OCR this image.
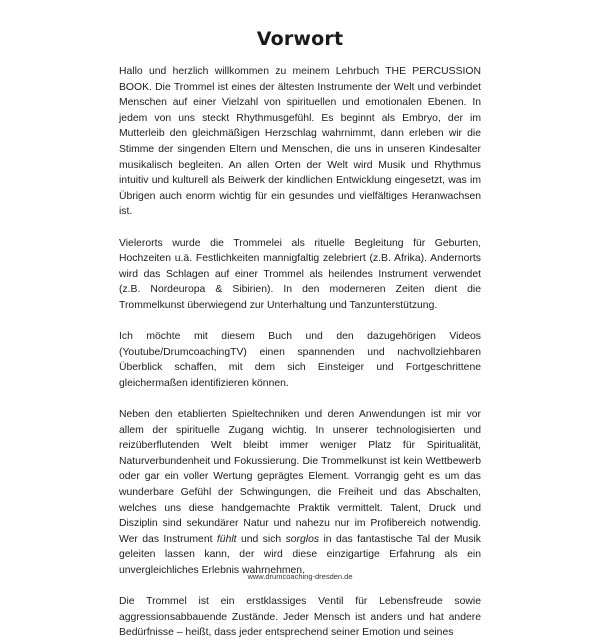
Vorwort

Hallo und herzlich willkommen zu meinem Lehrbuch THE PERCUSSION BOOK. Die Trommel ist eines der ältesten Instrumente der Welt und verbindet Menschen auf einer Vielzahl von spirituellen und emotionalen Ebenen. In jedem von uns steckt Rhythmusgefühl. Es beginnt als Embryo, der im Mutterleib den gleichmäßigen Herzschlag wahrnimmt, dann erleben wir die Stimme der singenden Eltern und Menschen, die uns in unseren Kindesalter musikalisch begleiten. An allen Orten der Welt wird Musik und Rhythmus intuitiv und kulturell als Beiwerk der kindlichen Entwicklung eingesetzt, was im Übrigen auch enorm wichtig für ein gesundes und vielfältiges Heranwachsen ist.

Vielerorts wurde die Trommelei als rituelle Begleitung für Geburten, Hochzeiten u.ä. Festlichkeiten mannigfaltig zelebriert (z.B. Afrika). Andernorts wird das Schlagen auf einer Trommel als heilendes Instrument verwendet (z.B. Nordeuropa & Sibirien). In den moderneren Zeiten dient die Trommelkunst überwiegend zur Unterhaltung und Tanzunterstützung.

Ich möchte mit diesem Buch und den dazugehörigen Videos (Youtube/DrumcoachingTV) einen spannenden und nachvollziehbaren Überblick schaffen, mit dem sich Einsteiger und Fortgeschrittene gleichermaßen identifizieren können.

Neben den etablierten Spieltechniken und deren Anwendungen ist mir vor allem der spirituelle Zugang wichtig. In unserer technologisierten und reizüberflutenden Welt bleibt immer weniger Platz für Spiritualität, Naturverbundenheit und Fokussierung. Die Trommelkunst ist kein Wettbewerb oder gar ein voller Wertung geprägtes Element. Vorrangig geht es um das wunderbare Gefühl der Schwingungen, die Freiheit und das Abschalten, welches uns diese handgemachte Praktik vermittelt. Talent, Druck und Disziplin sind sekundärer Natur und nahezu nur im Profibereich notwendig. Wer das Instrument fühlt und sich sorglos in das fantastische Tal der Musik geleiten lassen kann, der wird diese einzigartige Erfahrung als ein unvergleichliches Erlebnis wahrnehmen.

Die Trommel ist ein erstklassiges Ventil für Lebensfreude sowie aggressionsabbauende Zustände. Jeder Mensch ist anders und hat andere Bedürfnisse – heißt, dass jeder entsprechend seiner Emotion und seines

www.drumcoaching-dresden.de
